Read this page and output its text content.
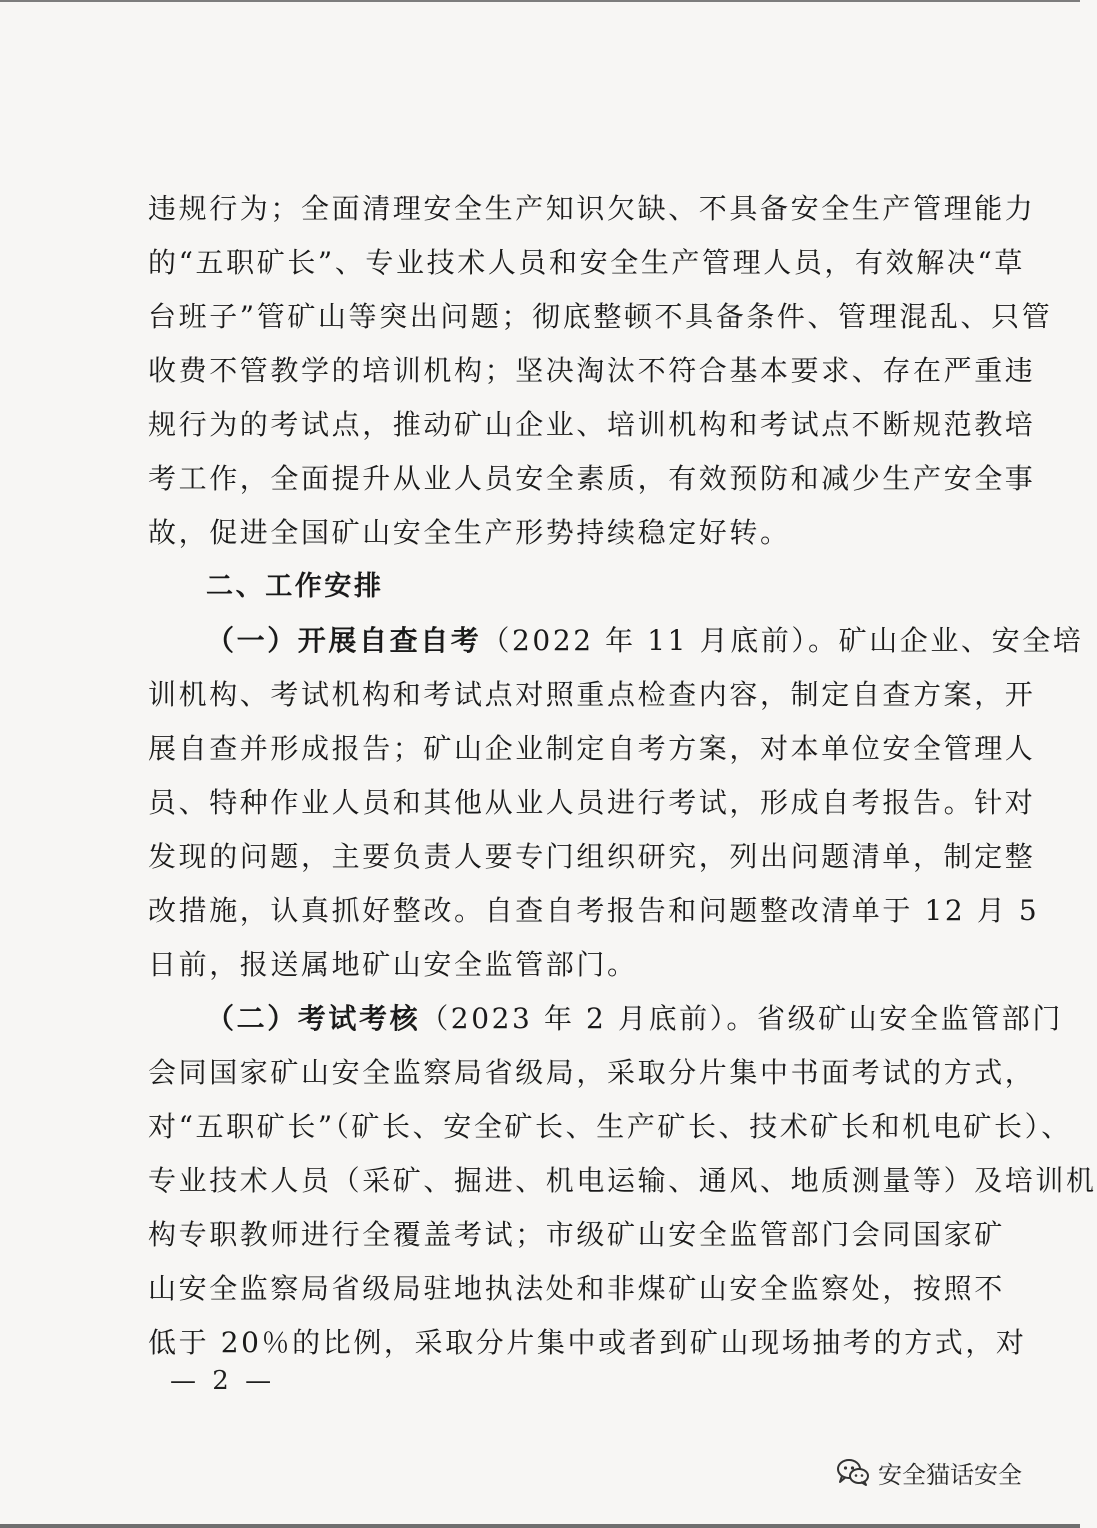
违规行为；全面清理安全生产知识欠缺、不具备安全生产管理能力
的“五职矿长”、专业技术人员和安全生产管理人员，有效解决“草
台班子”管矿山等突出问题；彻底整顿不具备条件、管理混乱、只管
收费不管教学的培训机构；坚决淘汰不符合基本要求、存在严重违
规行为的考试点，推动矿山企业、培训机构和考试点不断规范教培
考工作，全面提升从业人员安全素质，有效预防和减少生产安全事
故，促进全国矿山安全生产形势持续稳定好转。
二、工作安排
（一）开展自查自考（2022 年 11 月底前）。矿山企业、安全培
训机构、考试机构和考试点对照重点检查内容，制定自查方案，开
展自查并形成报告；矿山企业制定自考方案，对本单位安全管理人
员、特种作业人员和其他从业人员进行考试，形成自考报告。针对
发现的问题，主要负责人要专门组织研究，列出问题清单，制定整
改措施，认真抓好整改。自查自考报告和问题整改清单于 12 月 5
日前，报送属地矿山安全监管部门。
（二）考试考核（2023 年 2 月底前）。省级矿山安全监管部门
会同国家矿山安全监察局省级局，采取分片集中书面考试的方式，
对“五职矿长”（矿长、安全矿长、生产矿长、技术矿长和机电矿长）、
专业技术人员（采矿、掘进、机电运输、通风、地质测量等）及培训机
构专职教师进行全覆盖考试；市级矿山安全监管部门会同国家矿
山安全监察局省级局驻地执法处和非煤矿山安全监察处，按照不
低于 20％的比例，采取分片集中或者到矿山现场抽考的方式，对
— 2 —
安全猫话安全
